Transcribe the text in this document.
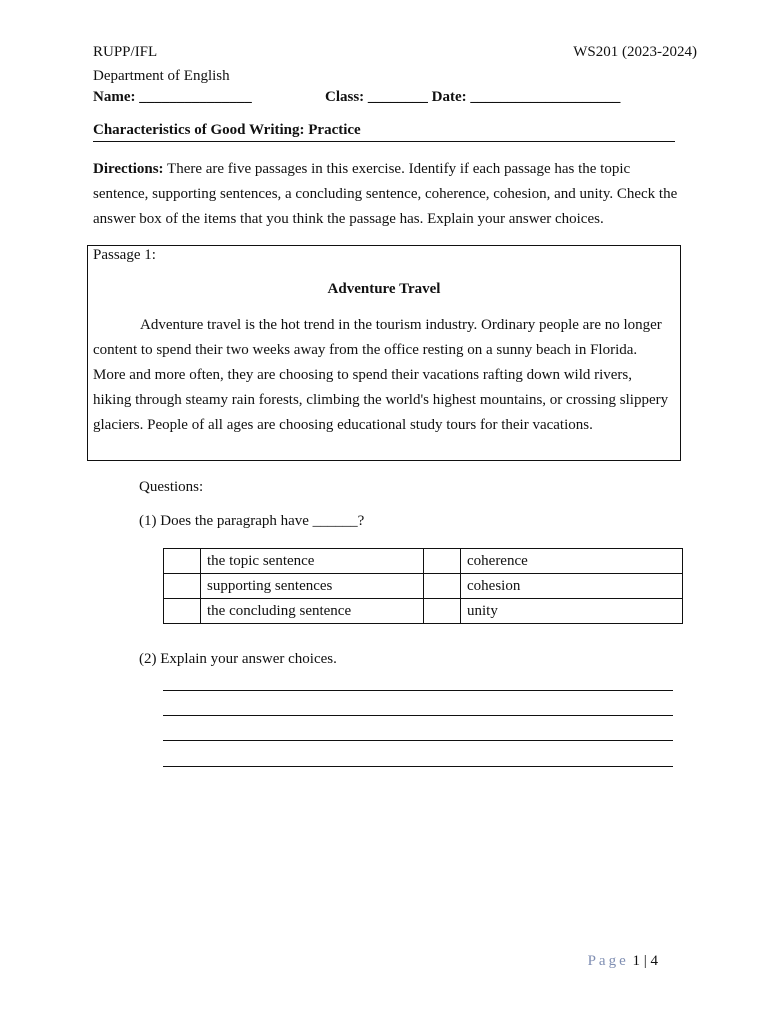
RUPP/IFL
Department of English
WS201 (2023-2024)
Name: _______________	Class: ________ Date: ____________________
Characteristics of Good Writing: Practice
Directions: There are five passages in this exercise. Identify if each passage has the topic sentence, supporting sentences, a concluding sentence, coherence, cohesion, and unity. Check the answer box of the items that you think the passage has. Explain your answer choices.
Passage 1:
Adventure Travel
Adventure travel is the hot trend in the tourism industry. Ordinary people are no longer content to spend their two weeks away from the office resting on a sunny beach in Florida. More and more often, they are choosing to spend their vacations rafting down wild rivers, hiking through steamy rain forests, climbing the world's highest mountains, or crossing slippery glaciers. People of all ages are choosing educational study tours for their vacations.
Questions:
(1) Does the paragraph have ______?
	the topic sentence		coherence
	supporting sentences		cohesion
	the concluding sentence		unity
(2) Explain your answer choices.
Page 1 | 4
